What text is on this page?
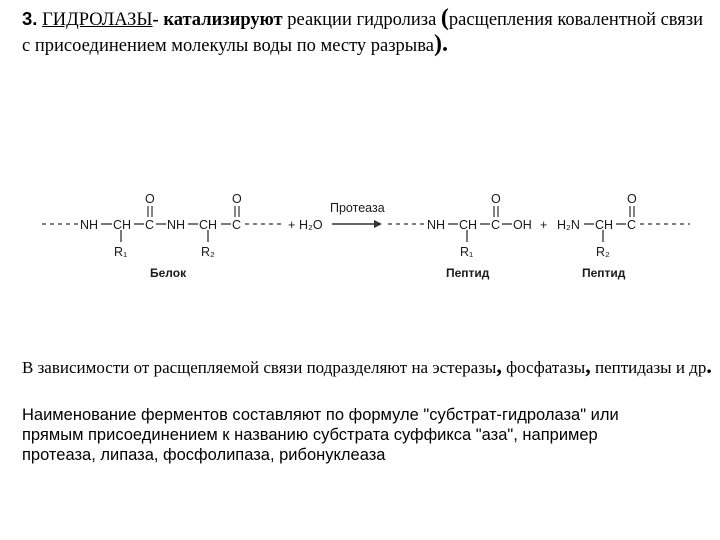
3. ГИДРОЛАЗЫ- катализируют реакции гидролиза (расщепления ковалентной связи с присоединением молекулы воды по месту разрыва).
NH CH
R₁
C
O
NH CH
R₂
C
O
Белок
+ H₂O
Протеаза
NH CH
R₁
C
O
OH
Пептид
+ H₂N CH
R₂
C
O
Пептид
В зависимости от расщепляемой связи подразделяют на эстеразы, фосфатазы, пептидазы и др.
Наименование ферментов составляют по формуле "субстрат-гидролаза" или прямым присоединением к названию субстрата суффикса "аза", например протеаза, липаза, фосфолипаза, рибонуклеаза
